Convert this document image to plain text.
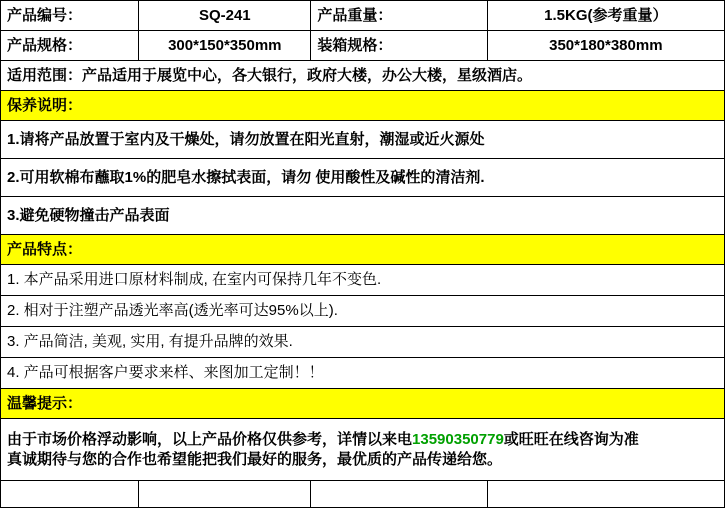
产品编号：	SQ-241	产品重量：	1.5KG(参考重量）
产品规格：	300*150*350mm	装箱规格：	350*180*380mm
适用范围：产品适用于展览中心，各大银行，政府大楼，办公大楼，星级酒店。			
保养说明：			
1.请将产品放置于室内及干燥处，请勿放置在阳光直射，潮湿或近火源处			
2.可用软棉布蘸取1%的肥皂水擦拭表面，请勿 使用酸性及碱性的清洁剂.			
3.避免硬物撞击产品表面			
产品特点：			
1. 本产品采用进口原材料制成, 在室内可保持几年不变色.			
2. 相对于注塑产品透光率高(透光率可达95%以上).			
3. 产品简洁, 美观, 实用, 有提升品牌的效果.			
4. 产品可根据客户要求来样、来图加工定制！！			
温馨提示：			

由于市场价格浮动影响，以上产品价格仅供参考，详情以来电13590350779或旺旺在线咨询为准
真诚期待与您的合作也希望能把我们最好的服务，最优质的产品传递给您。			
